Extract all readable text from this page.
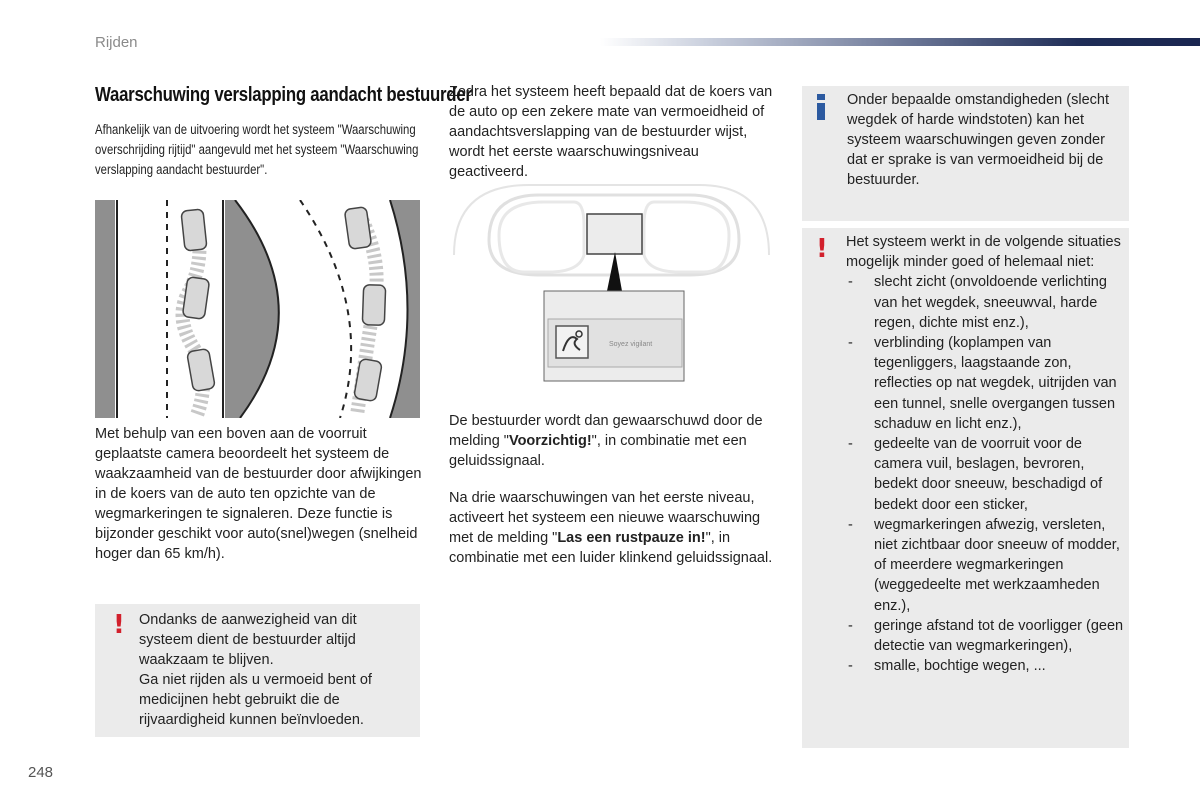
Rijden
Waarschuwing verslapping aandacht bestuurder

Afhankelijk van de uitvoering wordt het systeem "Waarschuwing overschrijding rijtijd" aangevuld met het systeem "Waarschuwing verslapping aandacht bestuurder".

Met behulp van een boven aan de voorruit geplaatste camera beoordeelt het systeem de waakzaamheid van de bestuurder door afwijkingen in de koers van de auto ten opzichte van de wegmarkeringen te signaleren. Deze functie is bijzonder geschikt voor auto(snel)wegen (snelheid hoger dan 65 km/h).

! Ondanks de aanwezigheid van dit systeem dient de bestuurder altijd waakzaam te blijven.

Ga niet rijden als u vermoeid bent of medicijnen hebt gebruikt die de rijvaardigheid kunnen beïnvloeden.

Zodra het systeem heeft bepaald dat de koers van de auto op een zekere mate van vermoeidheid of aandachtsverslapping van de bestuurder wijst, wordt het eerste waarschuwingsniveau geactiveerd.

Soyez vigilant

De bestuurder wordt dan gewaarschuwd door de melding "Voorzichtig!", in combinatie met een geluidssignaal.

Na drie waarschuwingen van het eerste niveau, activeert het systeem een nieuwe waarschuwing met de melding "Las een rustpauze in!", in combinatie met een luider klinkend geluidssignaal.

Onder bepaalde omstandigheden (slecht wegdek of harde windstoten) kan het systeem waarschuwingen geven zonder dat er sprake is van vermoeidheid bij de bestuurder.
! Het systeem werkt in de volgende situaties mogelijk minder goed of helemaal niet:
- slecht zicht (onvoldoende verlichting van het wegdek, sneeuwval, harde regen, dichte mist enz.),
- verblinding (koplampen van tegenliggers, laagstaande zon, reflecties op nat wegdek, uitrijden van een tunnel, snelle overgangen tussen schaduw en licht enz.),
- gedeelte van de voorruit voor de camera vuil, beslagen, bevroren, bedekt door sneeuw, beschadigd of bedekt door een sticker,
- wegmarkeringen afwezig, versleten, niet zichtbaar door sneeuw of modder, of meerdere wegmarkeringen (weggedeelte met werkzaamheden enz.),
- geringe afstand tot de voorligger (geen detectie van wegmarkeringen),
- smalle, bochtige wegen, ...
248
